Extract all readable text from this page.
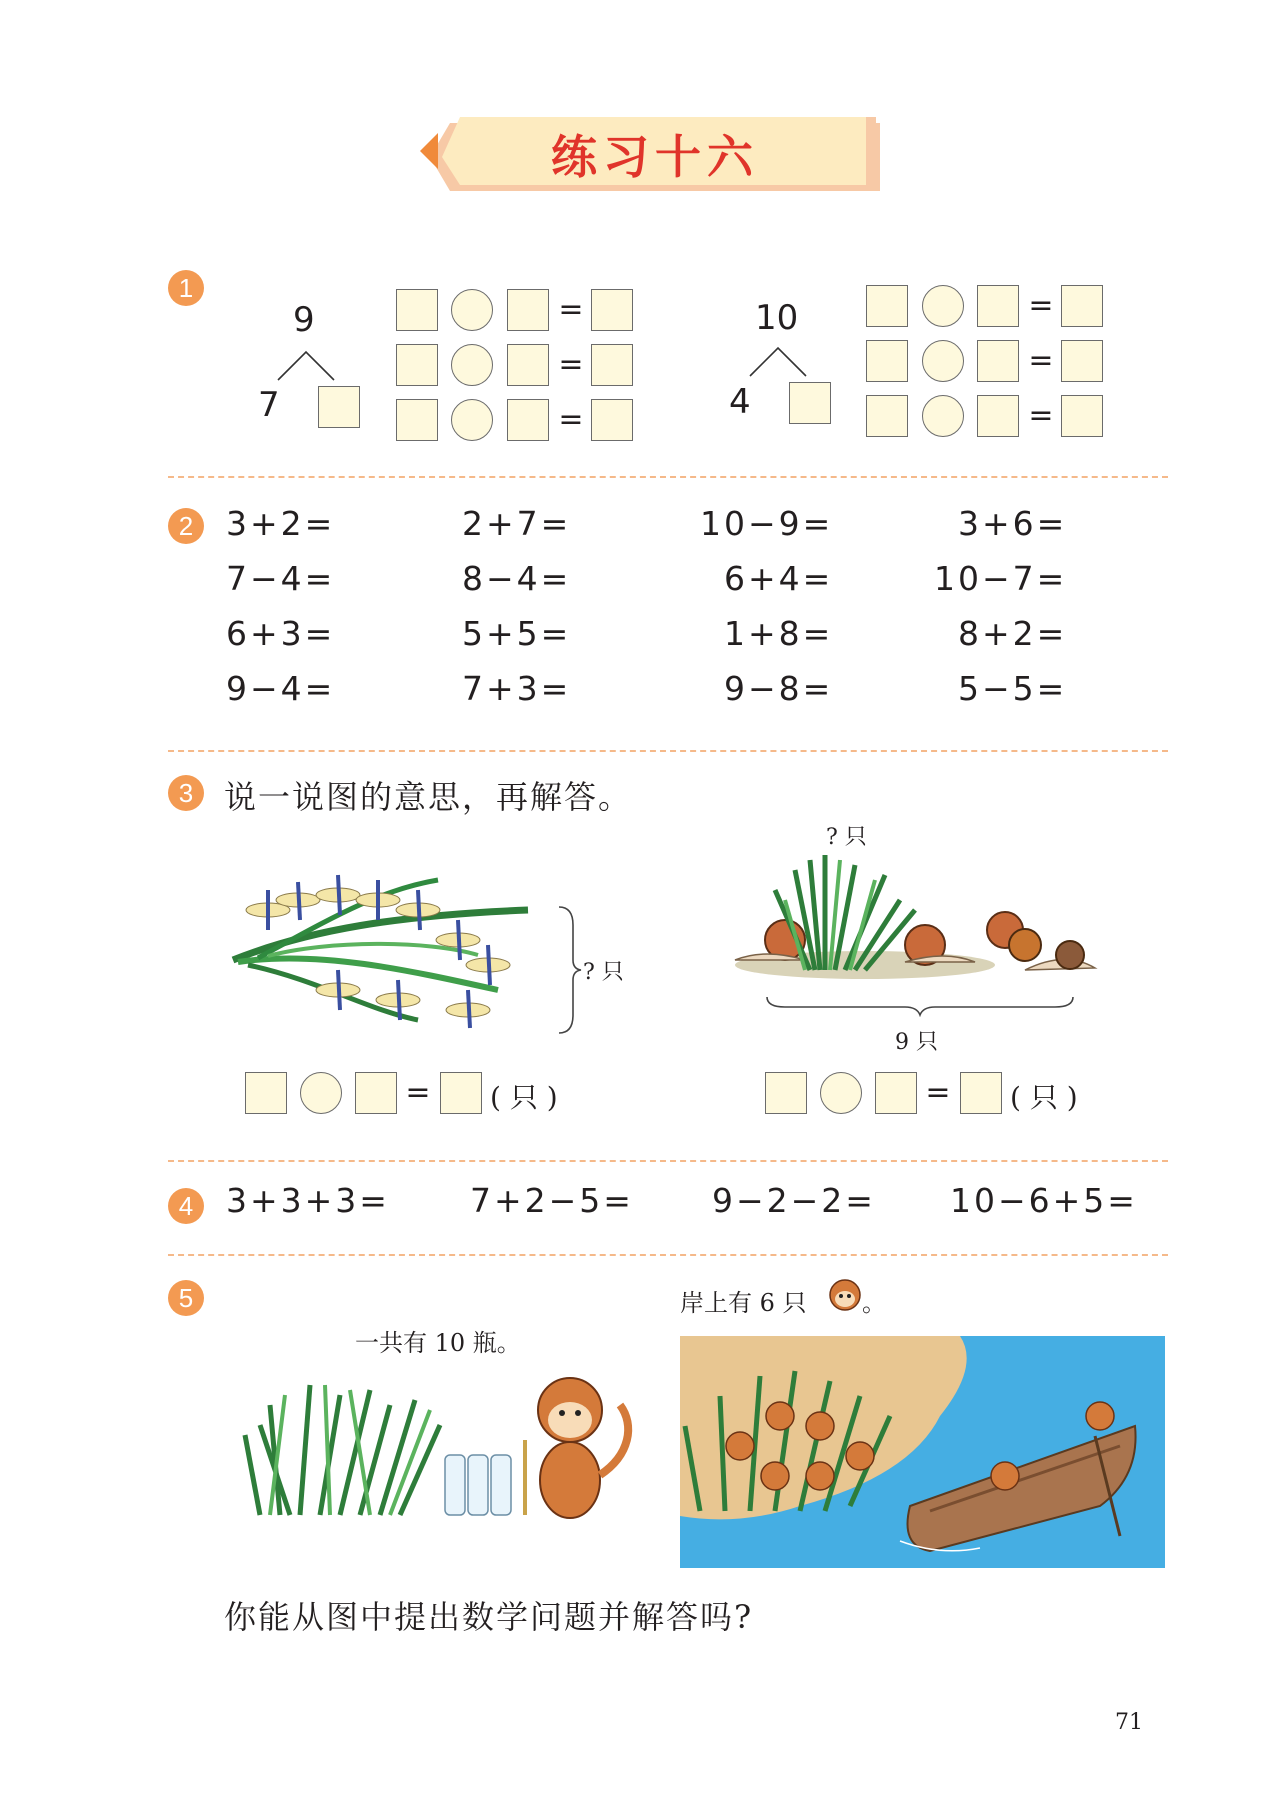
练习十六
1
2
3
4
5
9
7
=
=
=
10
4
=
=
=
3+2=	2+7=	10−9=	3+6=
7−4=	8−4=	6+4=	10−7=
6+3=	5+5=	1+8=	8+2=
9−4=	7+3=	9−8=	5−5=
说一说图的意思，再解答。
? 只
= ( 只 )
? 只
9 只
= ( 只 )
3+3+3= 7+2−5= 9−2−2= 10−6+5=
一共有 10 瓶。
岸上有 6 只 。
你能从图中提出数学问题并解答吗?
71
